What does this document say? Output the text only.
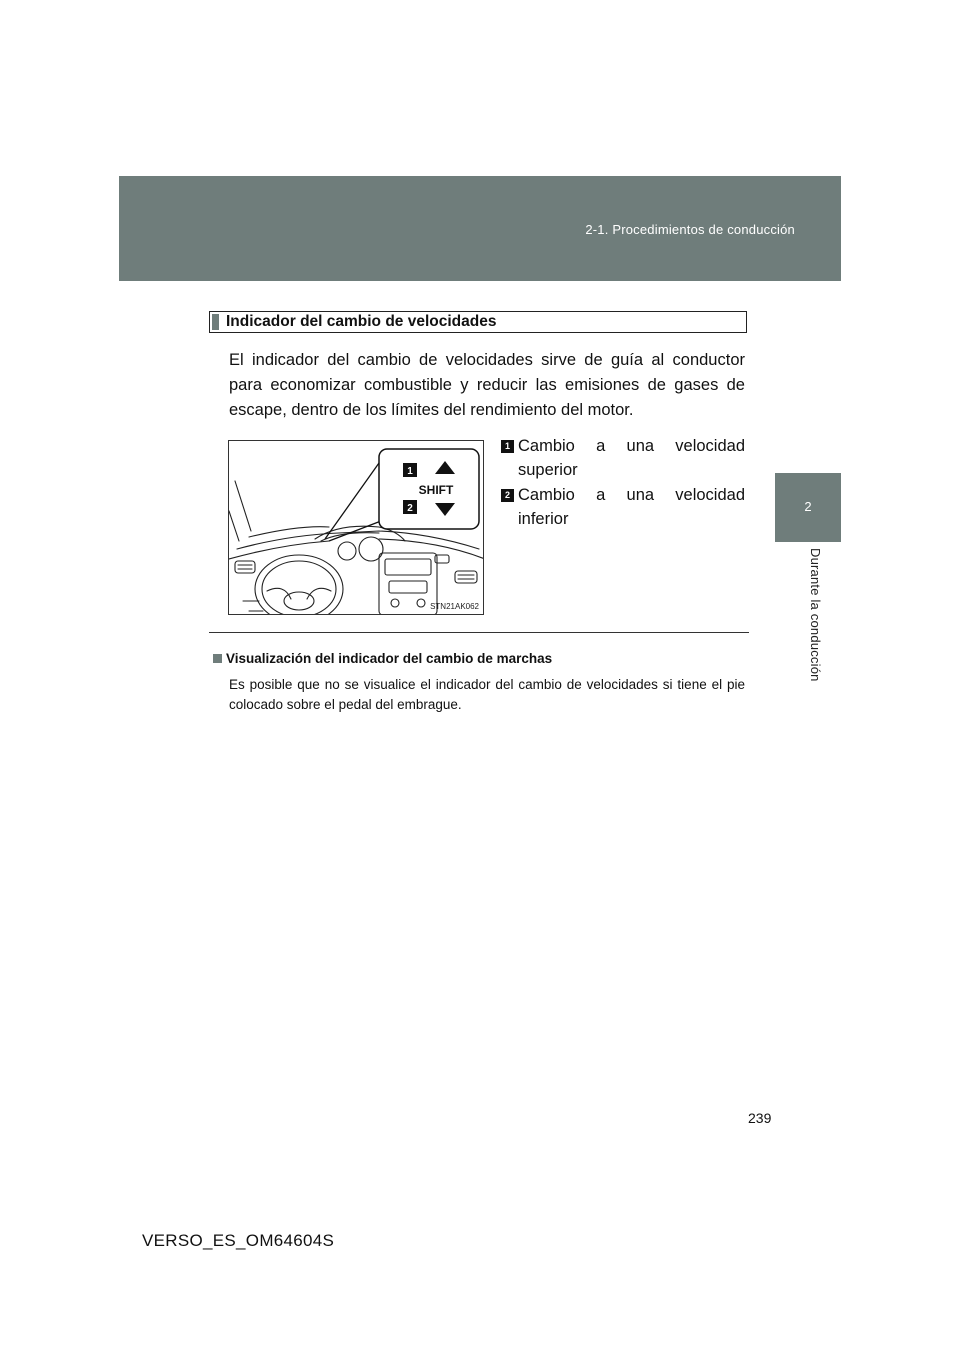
2-1. Procedimientos de conducción
2
Durante la conducción
Indicador del cambio de velocidades

El indicador del cambio de velocidades sirve de guía al conductor para economizar combustible y reducir las emisiones de gases de escape, dentro de los límites del rendimiento del motor.

1
2
SHIFT
STN21AK062
1 Cambio a una velocidad superior
2 Cambio a una velocidad inferior
Visualización del indicador del cambio de marchas

Es posible que no se visualice el indicador del cambio de velocidades si tiene el pie colocado sobre el pedal del embrague.

239
VERSO_ES_OM64604S
